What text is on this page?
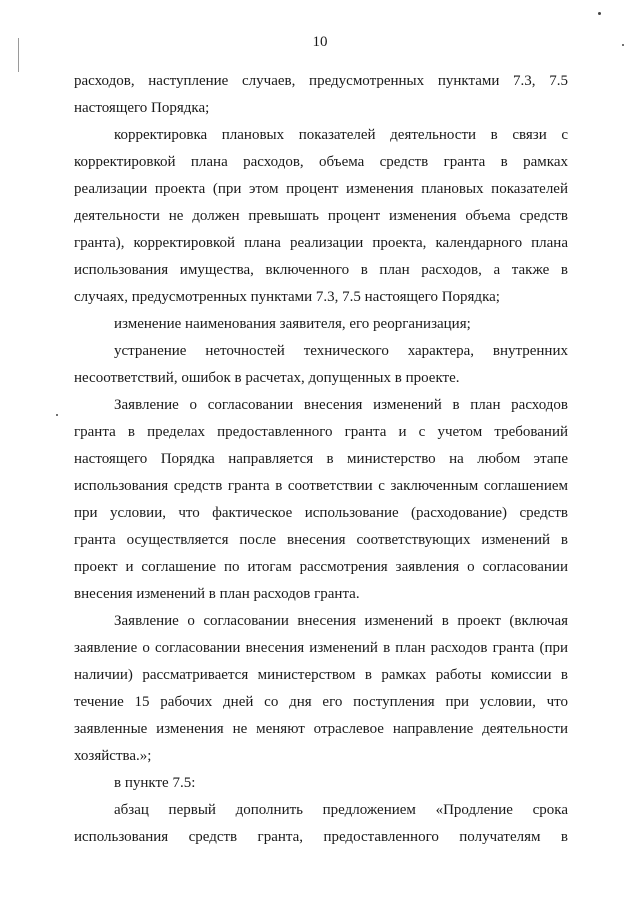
10
расходов, наступление случаев, предусмотренных пунктами 7.3, 7.5
настоящего Порядка;
корректировка плановых показателей деятельности в связи с
корректировкой плана расходов, объема средств гранта в рамках
реализации проекта (при этом процент изменения плановых показателей
деятельности не должен превышать процент изменения объема средств
гранта), корректировкой плана реализации проекта, календарного плана
использования имущества, включенного в план расходов, а также в
случаях, предусмотренных пунктами 7.3, 7.5 настоящего Порядка;
изменение наименования заявителя, его реорганизация;
устранение неточностей технического характера, внутренних
несоответствий, ошибок в расчетах, допущенных в проекте.
Заявление о согласовании внесения изменений в план расходов
гранта в пределах предоставленного гранта и с учетом требований
настоящего Порядка направляется в министерство на любом этапе
использования средств гранта в соответствии с заключенным соглашением
при условии, что фактическое использование (расходование) средств
гранта осуществляется после внесения соответствующих изменений в
проект и соглашение по итогам рассмотрения заявления о согласовании
внесения изменений в план расходов гранта.
Заявление о согласовании внесения изменений в проект (включая
заявление о согласовании внесения изменений в план расходов гранта (при
наличии) рассматривается министерством в рамках работы комиссии в
течение 15 рабочих дней со дня его поступления при условии, что
заявленные изменения не меняют отраслевое направление деятельности
хозяйства.»;
в пункте 7.5:
абзац первый дополнить предложением «Продление срока
использования средств гранта, предоставленного получателям в
